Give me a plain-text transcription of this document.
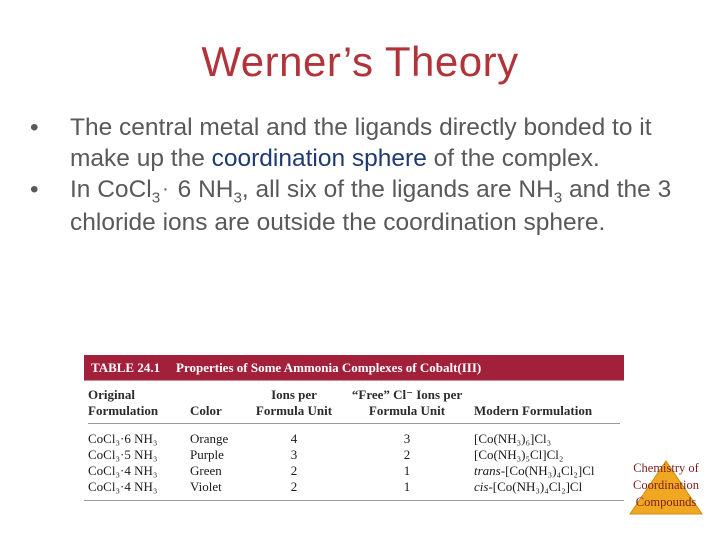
Werner’s Theory

•	The central metal and the ligands directly bonded to it make up the coordination sphere of the complex.

•	In CoCl$_3$ · 6 $NH_3$, all six of the ligands are $NH_3$ and the 3 chloride ions are outside the coordination sphere.

TABLE 24.1	Properties of Some Ammonia Complexes of Cobalt(III)
Original Formulation	Color	Ions per Formula Unit	“Free” Cl⁻ Ions per Formula Unit	Modern Formulation

CoCl₃·6 NH₃	Orange	4	3	[Co(NH₃)₆]Cl₃
CoCl₃·5 NH₃	Purple	3	2	[Co(NH₃)₅Cl]Cl₂
CoCl₃·4 NH₃	Green	2	1	trans-[Co(NH₃)₄Cl₂]Cl
CoCl₃·4 NH₃	Violet	2	1	cis-[Co(NH₃)₄Cl₂]Cl
Chemistry of
Coordination
Compounds
